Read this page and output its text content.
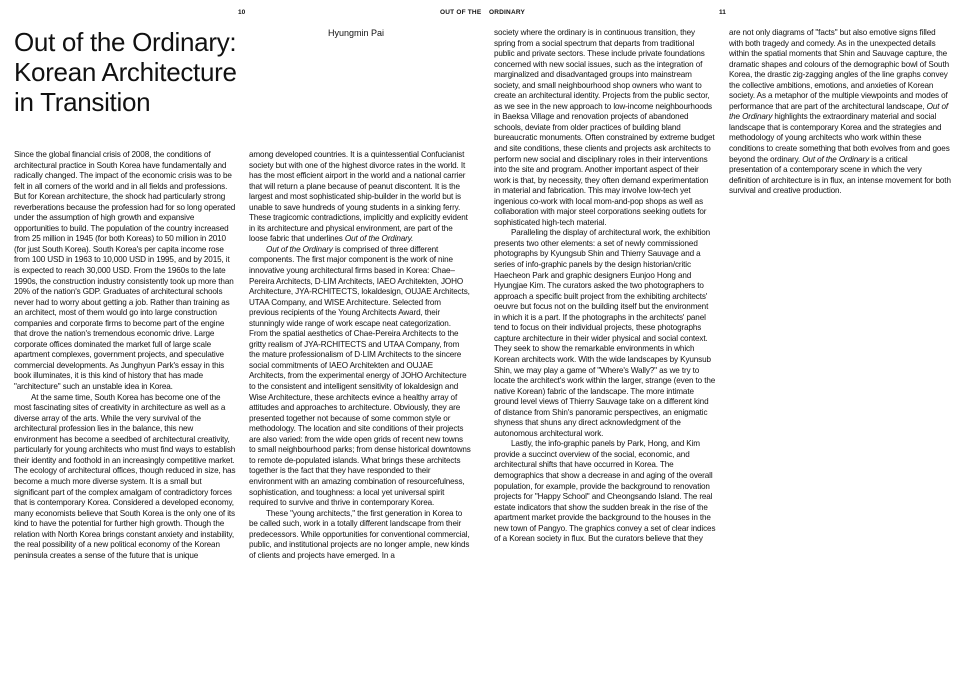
10	OUT OF THE ORDINARY	11
Out of the Ordinary:
Korean Architecture
in Transition
Hyungmin Pai

Since the global financial crisis of 2008, the conditions of architectural practice in South Korea have fundamentally and radically changed. The impact of the economic crisis was to be felt in all corners of the world and in all fields and professions. But for Korean architecture, the shock had particularly strong reverberations because the profession had for so long operated under the assumption of high growth and expansive opportunities to build. The population of the country increased from 25 million in 1945 (for both Koreas) to 50 million in 2010 (for just South Korea). South Korea's per capita income rose from 100 USD in 1963 to 10,000 USD in 1995, and by 2015, it is expected to reach 30,000 USD. From the 1960s to the late 1990s, the construction industry consistently took up more than 20% of the nation's GDP. Graduates of architectural schools never had to worry about getting a job. Rather than training as an architect, most of them would go into large construction companies and corporate firms to become part of the engine that drove the nation's tremendous economic drive. Large corporate offices dominated the market full of large scale apartment complexes, government projects, and speculative commercial developments. As Junghyun Park's essay in this book illuminates, it is this kind of history that has made "architecture" such an unstable idea in Korea.

At the same time, South Korea has become one of the most fascinating sites of creativity in architecture as well as a diverse array of the arts. While the very survival of the architectural profession lies in the balance, this new environment has become a seedbed of architectural creativity, particularly for young architects who must find ways to establish their identity and foothold in an increasingly competitive market. The ecology of architectural offices, though reduced in size, has become a much more diverse system. It is a small but significant part of the complex amalgam of contradictory forces that is contemporary Korea. Considered a developed economy, many economists believe that South Korea is the only one of its kind to have the potential for further high growth. Though the relation with North Korea brings constant anxiety and instability, the real possibility of a new political economy of the Korean peninsula creates a sense of the future that is unique

among developed countries. It is a quintessential Confucianist society but with one of the highest divorce rates in the world. It has the most efficient airport in the world and a national carrier that will return a plane because of peanut discontent. It is the largest and most sophisticated ship-builder in the world but is unable to save hundreds of young students in a sinking ferry. These tragicomic contradictions, implicitly and explicitly evident in its architecture and physical environment, are part of the loose fabric that underlines Out of the Ordinary.

Out of the Ordinary is comprised of three different components. The first major component is the work of nine innovative young architectural firms based in Korea: Chae–Pereira Architects, D·LIM Architects, IAEO Architekten, JOHO Architecture, JYA-RCHITECTS, lokaldesign, OUJAE Architects, UTAA Company, and WISE Architecture. Selected from previous recipients of the Young Architects Award, their stunningly wide range of work escape neat categorization. From the spatial aesthetics of Chae-Pereira Architects to the gritty realism of JYA-RCHITECTS and UTAA Company, from the mature professionalism of D·LIM Architects to the sincere social commitments of IAEO Architekten and OUJAE Architects, from the experimental energy of JOHO Architecture to the consistent and intelligent sensitivity of lokaldesign and Wise Architecture, these architects evince a healthy array of attitudes and approaches to architecture. Obviously, they are presented together not because of some common style or methodology. The location and site conditions of their projects are also varied: from the wide open grids of recent new towns to small neighbourhood parks; from dense historical downtowns to remote de-populated islands. What brings these architects together is the fact that they have responded to their environment with an amazing combination of resourcefulness, sophistication, and toughness: a local yet universal spirit required to survive and thrive in contemporary Korea.

These "young architects," the first generation in Korea to be called such, work in a totally different landscape from their predecessors. While opportunities for conventional commercial, public, and institutional projects are no longer ample, new kinds of clients and projects have emerged. In a

society where the ordinary is in continuous transition, they spring from a social spectrum that departs from traditional public and private sectors. These include private foundations concerned with new social issues, such as the integration of marginalized and disadvantaged groups into mainstream society, and small neighbourhood shop owners who want to create an architectural identity. Projects from the public sector, as we see in the new approach to low-income neighbourhoods in Baeksa Village and renovation projects of abandoned schools, deviate from older practices of building bland bureaucratic monuments. Often constrained by extreme budget and site conditions, these clients and projects ask architects to perform new social and disciplinary roles in their interventions into the site and program. Another important aspect of their work is that, by necessity, they often demand experimentation in material and fabrication. This may involve low-tech yet ingenious co-work with local mom-and-pop shops as well as collaboration with major steel corporations seeking outlets for sophisticated high-tech material.

Paralleling the display of architectural work, the exhibition presents two other elements: a set of newly commissioned photographs by Kyungsub Shin and Thierry Sauvage and a series of info-graphic panels by the design historian/critic Haecheon Park and graphic designers Eunjoo Hong and Hyungjae Kim. The curators asked the two photographers to approach a specific built project from the exhibiting architects' oeuvre but focus not on the building itself but the environment in which it is a part. If the photographs in the architects' panel tend to focus on their individual projects, these photographs capture architecture in their wider physical and social context. They seek to show the remarkable environments in which Korean architects work. With the wide landscapes by Kyunsub Shin, we may play a game of "Where's Wally?" as we try to locate the architect's work within the larger, strange (even to the native Korean) fabric of the landscape. The more intimate ground level views of Thierry Sauvage take on a different kind of distance from Shin's panoramic perspectives, an enigmatic shyness that shuns any direct acknowledgment of the autonomous architectural work.

Lastly, the info-graphic panels by Park, Hong, and Kim provide a succinct overview of the social, economic, and architectural shifts that have occurred in Korea. The demographics that show a decrease in and aging of the overall population, for example, provide the background to renovation projects for "Happy School" and Cheongsando Island. The real estate indicators that show the sudden break in the rise of the apartment market provide the background to the houses in the new town of Pangyo. The graphics convey a set of clear indices of a Korean society in flux. But the curators believe that they

are not only diagrams of "facts" but also emotive signs filled with both tragedy and comedy. As in the unexpected details within the spatial moments that Shin and Sauvage capture, the dramatic shapes and colours of the demographic bowl of South Korea, the drastic zig-zagging angles of the line graphs convey the collective ambitions, emotions, and anxieties of Korean society. As a metaphor of the multiple viewpoints and modes of performance that are part of the architectural landscape, Out of the Ordinary highlights the extraordinary material and social landscape that is contemporary Korea and the strategies and methodology of young architects who work within these conditions to create something that both evolves from and goes beyond the ordinary. Out of the Ordinary is a critical presentation of a contemporary scene in which the very definition of architecture is in flux, an intense movement for both survival and creative production.
